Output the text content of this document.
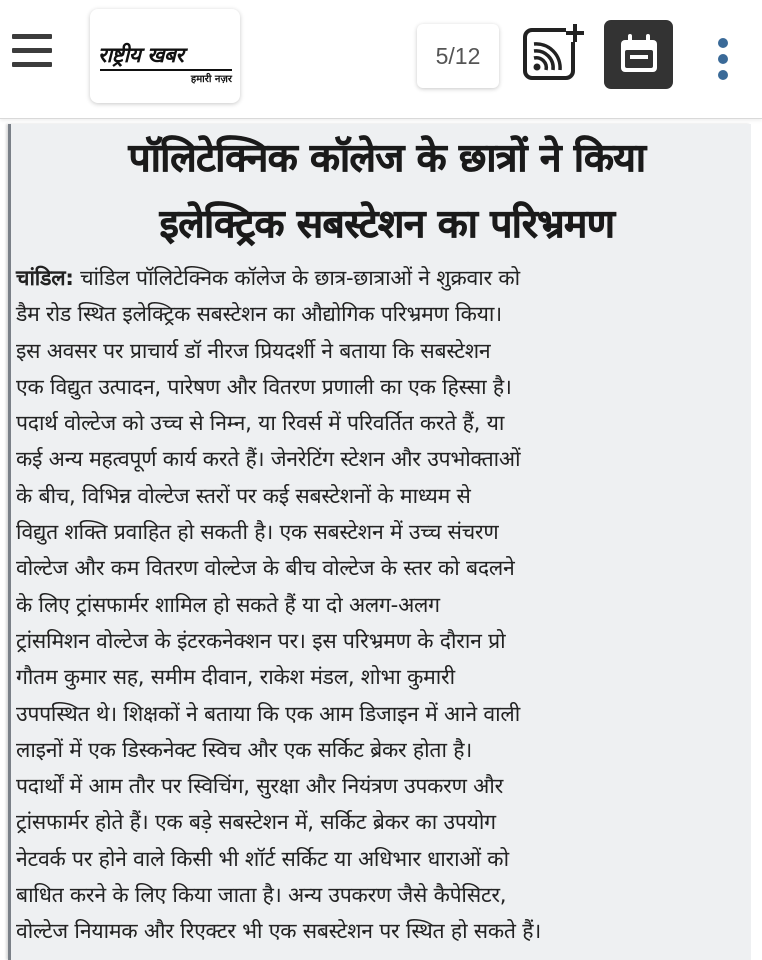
राष्ट्रीय खबर
हमारी नज़र
5/12
पॉलिटेक्निक कॉलेज के छात्रों ने किया
इलेक्ट्रिक सबस्टेशन का परिभ्रमण
चांडिल: चांडिल पॉलिटेक्निक कॉलेज के छात्र-छात्राओं ने शुक्रवार को
डैम रोड स्थित इलेक्ट्रिक सबस्टेशन का औद्योगिक परिभ्रमण किया।
इस अवसर पर प्राचार्य डॉ नीरज प्रियदर्शी ने बताया कि सबस्टेशन
एक विद्युत उत्पादन, पारेषण और वितरण प्रणाली का एक हिस्सा है।
पदार्थ वोल्टेज को उच्च से निम्न, या रिवर्स में परिवर्तित करते हैं, या
कई अन्य महत्वपूर्ण कार्य करते हैं। जेनरेटिंग स्टेशन और उपभोक्ताओं
के बीच, विभिन्न वोल्टेज स्तरों पर कई सबस्टेशनों के माध्यम से
विद्युत शक्ति प्रवाहित हो सकती है। एक सबस्टेशन में उच्च संचरण
वोल्टेज और कम वितरण वोल्टेज के बीच वोल्टेज के स्तर को बदलने
के लिए ट्रांसफार्मर शामिल हो सकते हैं या दो अलग-अलग
ट्रांसमिशन वोल्टेज के इंटरकनेक्शन पर। इस परिभ्रमण के दौरान प्रो
गौतम कुमार सह, समीम दीवान, राकेश मंडल, शोभा कुमारी
उपपस्थित थे। शिक्षकों ने बताया कि एक आम डिजाइन में आने वाली
लाइनों में एक डिस्कनेक्ट स्विच और एक सर्किट ब्रेकर होता है।
पदार्थों में आम तौर पर स्विचिंग, सुरक्षा और नियंत्रण उपकरण और
ट्रांसफार्मर होते हैं। एक बड़े सबस्टेशन में, सर्किट ब्रेकर का उपयोग
नेटवर्क पर होने वाले किसी भी शॉर्ट सर्किट या अधिभार धाराओं को
बाधित करने के लिए किया जाता है। अन्य उपकरण जैसे कैपेसिटर,
वोल्टेज नियामक और रिएक्टर भी एक सबस्टेशन पर स्थित हो सकते हैं।
